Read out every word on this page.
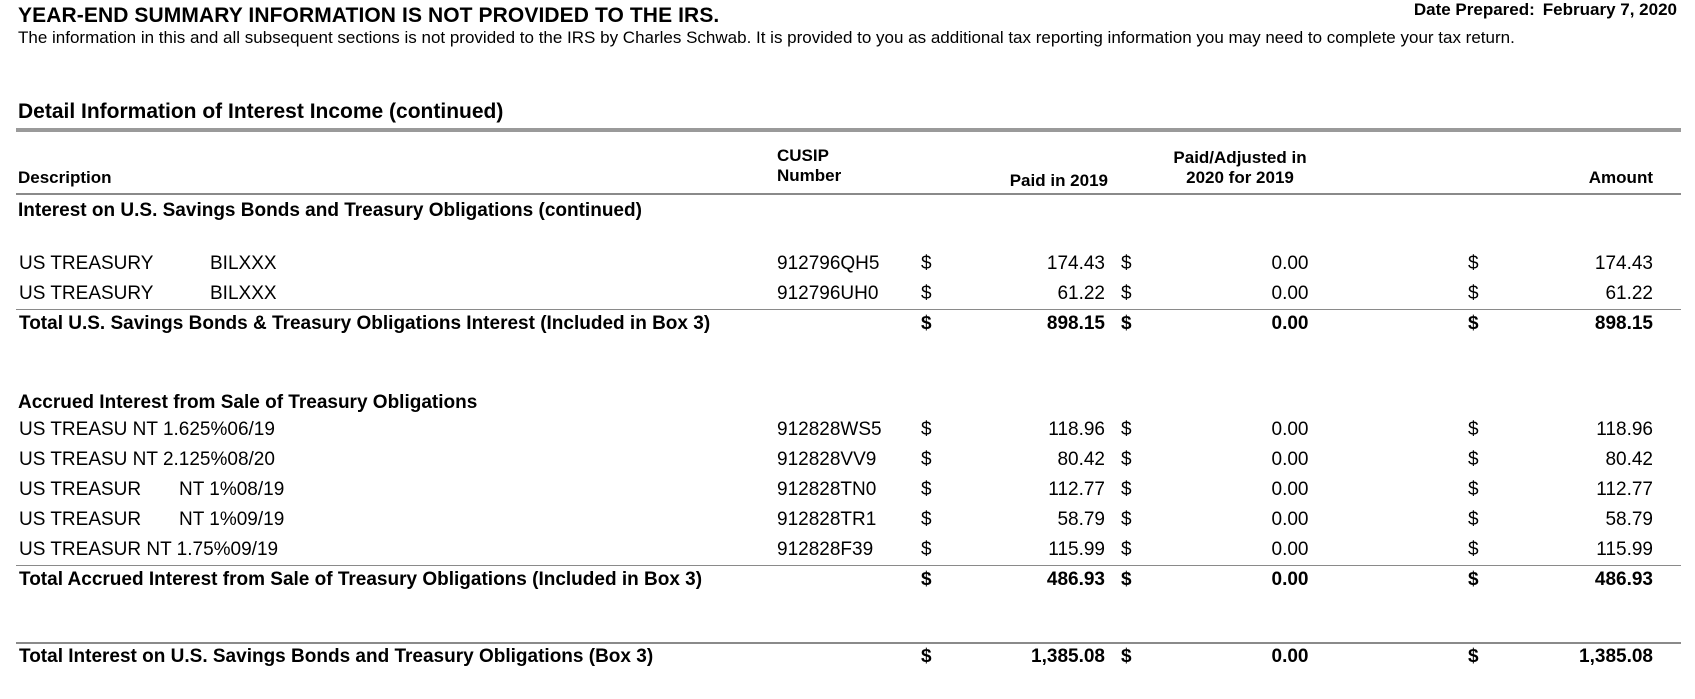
YEAR-END SUMMARY INFORMATION IS NOT PROVIDED TO THE IRS.	Date Prepared: February 7, 2020
The information in this and all subsequent sections is not provided to the IRS by Charles Schwab. It is provided to you as additional tax reporting information you may need to complete your tax return.
Detail Information of Interest Income (continued)
Description
CUSIP
Number	Paid in 2019
Paid/Adjusted in
2020 for 2019	Amount
Interest on U.S. Savings Bonds and Treasury Obligations (continued)
US TREASURY	BILXXX	912796QH5 $	174.43 $	0.00	$	174.43
US TREASURY	BILXXX	912796UH0 $	61.22 $	0.00	$	61.22
Total U.S. Savings Bonds & Treasury Obligations Interest (Included in Box 3)	$	898.15 $	0.00	$	898.15
Accrued Interest from Sale of Treasury Obligations
US TREASU NT 1.625%06/19	912828WS5 $	118.96 $	0.00	$	118.96
US TREASU NT 2.125%08/20	912828VV9 $	80.42 $	0.00	$	80.42
US TREASUR NT 1%08/19	912828TN0 $	112.77 $	0.00	$	112.77
US TREASUR NT 1%09/19	912828TR1 $	58.79 $	0.00	$	58.79
US TREASUR NT 1.75%09/19	912828F39	$	115.99 $	0.00	$	115.99
Total Accrued Interest from Sale of Treasury Obligations (Included in Box 3)	$	486.93 $	0.00	$	486.93
Total Interest on U.S. Savings Bonds and Treasury Obligations (Box 3)	$	1,385.08 $	0.00	$	1,385.08
